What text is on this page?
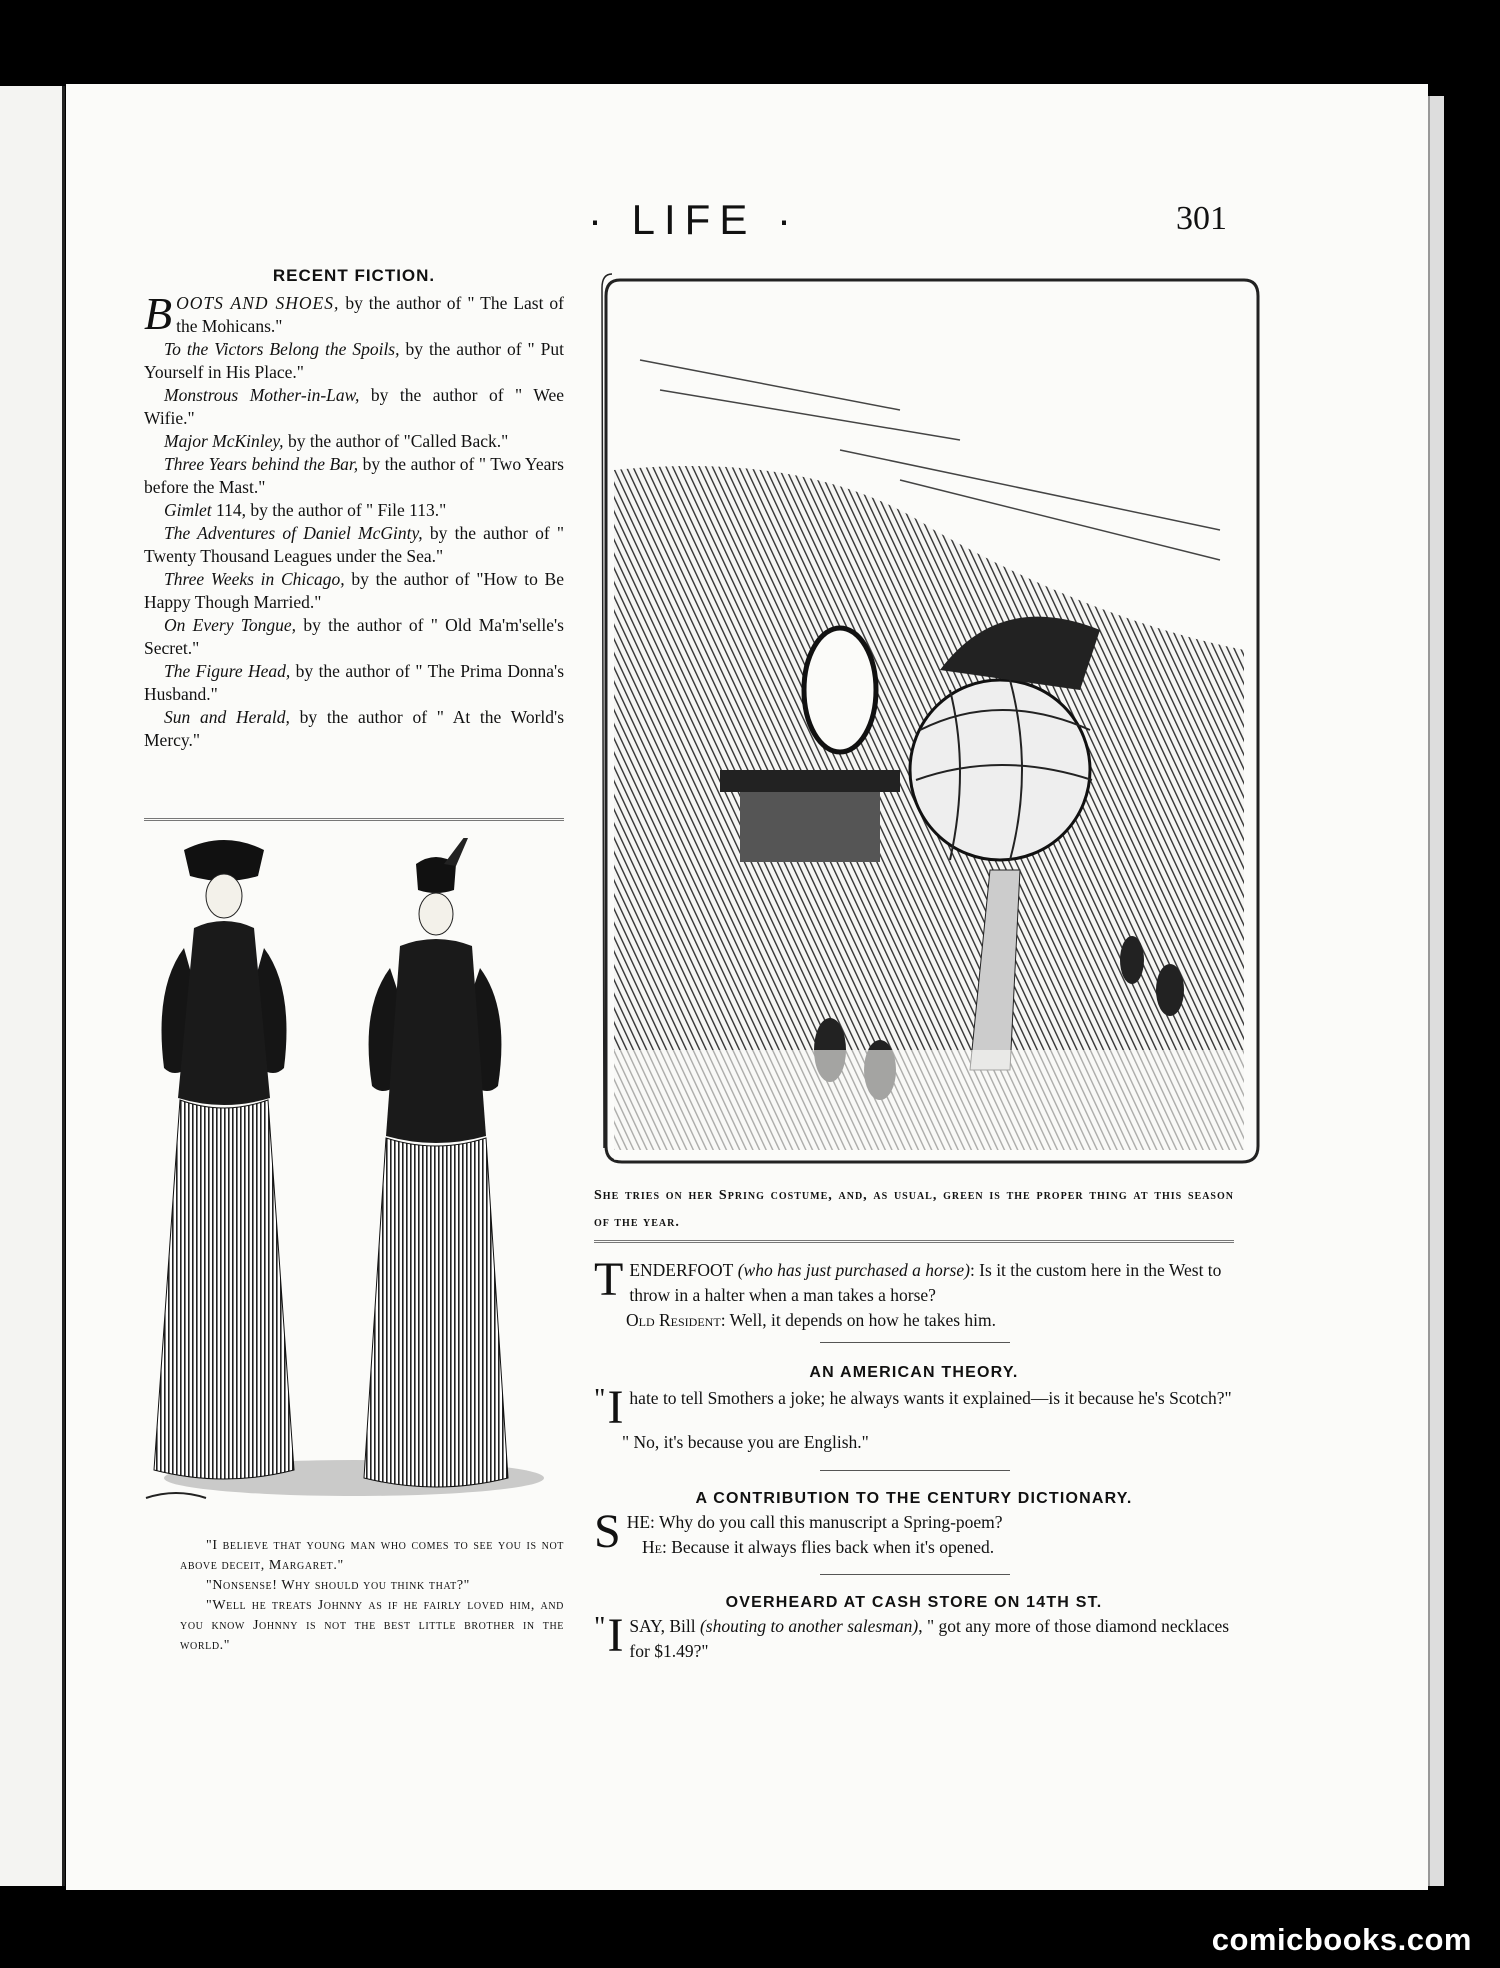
· LIFE ·	301
RECENT FICTION.

BOOTS AND SHOES, by the author of " The Last of the Mohicans."

To the Victors Belong the Spoils, by the author of " Put Yourself in His Place."

Monstrous Mother-in-Law, by the author of " Wee Wifie."

Major McKinley, by the author of "Called Back."

Three Years behind the Bar, by the author of " Two Years before the Mast."

Gimlet 114, by the author of " File 113."

The Adventures of Daniel McGinty, by the author of " Twenty Thousand Leagues under the Sea."

Three Weeks in Chicago, by the author of "How to Be Happy Though Married."

On Every Tongue, by the author of " Old Ma'm'selle's Secret."

The Figure Head, by the author of " The Prima Donna's Husband."

Sun and Herald, by the author of " At the World's Mercy."

"I believe that young man who comes to see you is not above deceit, Margaret."

"Nonsense! Why should you think that?"

"Well he treats Johnny as if he fairly loved him, and you know Johnny is not the best little brother in the world."

She tries on her Spring costume, and, as usual, green is the proper thing at this season of the year.

TENDERFOOT (who has just purchased a horse): Is it the custom here in the West to throw in a halter when a man takes a horse?

Old Resident: Well, it depends on how he takes him.

AN AMERICAN THEORY.

" I hate to tell Smothers a joke; he always wants it explained—is it because he's Scotch?"

" No, it's because you are English."

A CONTRIBUTION TO THE CENTURY DICTIONARY.

SHE: Why do you call this manuscript a Spring-poem?

He: Because it always flies back when it's opened.

OVERHEARD AT CASH STORE ON 14TH ST.

" I SAY, Bill (shouting to another salesman), " got any more of those diamond necklaces for $1.49?"

comicbooks.com
